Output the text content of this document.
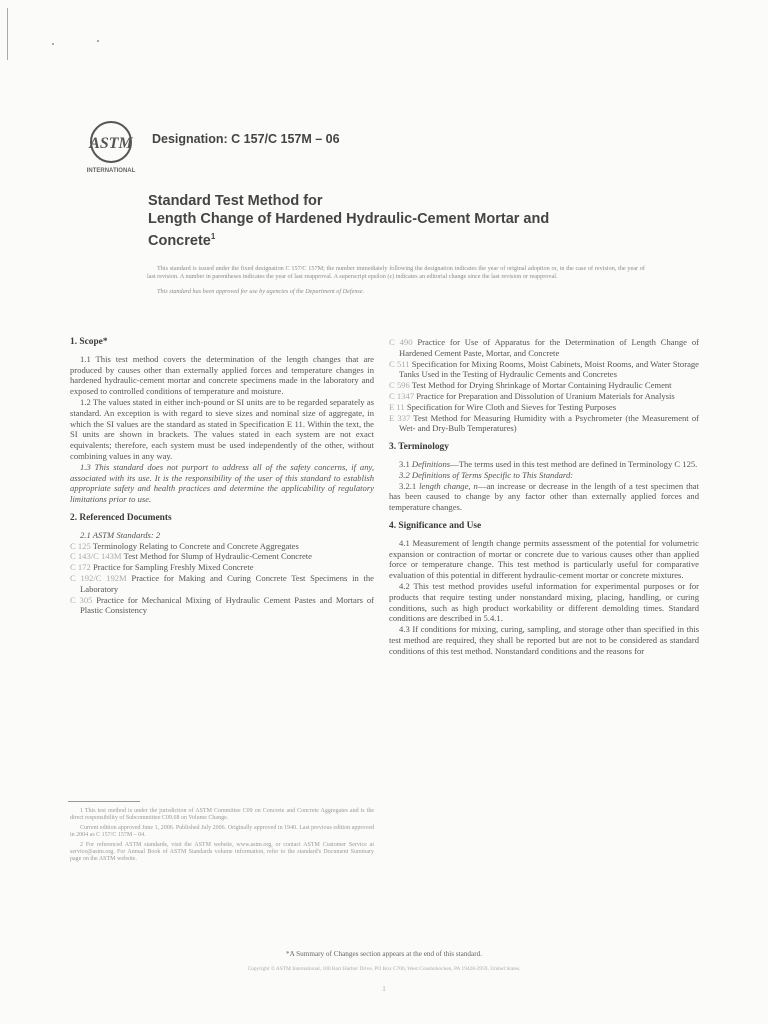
ASTM
INTERNATIONAL
Designation: C 157/C 157M – 06
Standard Test Method for
Length Change of Hardened Hydraulic-Cement Mortar and
Concrete$^1$

This standard is issued under the fixed designation C 157/C 157M; the number immediately following the designation indicates the year of original adoption or, in the case of revision, the year of last revision. A number in parentheses indicates the year of last reapproval. A superscript epsilon (ε) indicates an editorial change since the last revision or reapproval.

This standard has been approved for use by agencies of the Department of Defense.

1. Scope*

1.1 This test method covers the determination of the length changes that are produced by causes other than externally applied forces and temperature changes in hardened hydraulic-cement mortar and concrete specimens made in the laboratory and exposed to controlled conditions of temperature and moisture.

1.2 The values stated in either inch-pound or SI units are to be regarded separately as standard. An exception is with regard to sieve sizes and nominal size of aggregate, in which the SI values are the standard as stated in Specification E 11. Within the text, the SI units are shown in brackets. The values stated in each system are not exact equivalents; therefore, each system must be used independently of the other, without combining values in any way.

1.3 This standard does not purport to address all of the safety concerns, if any, associated with its use. It is the responsibility of the user of this standard to establish appropriate safety and health practices and determine the applicability of regulatory limitations prior to use.

2. Referenced Documents

2.1 ASTM Standards: 2

C 125 Terminology Relating to Concrete and Concrete Aggregates

C 143/C 143M Test Method for Slump of Hydraulic-Cement Concrete

C 172 Practice for Sampling Freshly Mixed Concrete

C 192/C 192M Practice for Making and Curing Concrete Test Specimens in the Laboratory

C 305 Practice for Mechanical Mixing of Hydraulic Cement Pastes and Mortars of Plastic Consistency

1 This test method is under the jurisdiction of ASTM Committee C09 on Concrete and Concrete Aggregates and is the direct responsibility of Subcommittee C09.68 on Volume Change.

Current edition approved June 1, 2006. Published July 2006. Originally approved in 1940. Last previous edition approved in 2004 as C 157/C 157M – 04.

2 For referenced ASTM standards, visit the ASTM website, www.astm.org, or contact ASTM Customer Service at service@astm.org. For Annual Book of ASTM Standards volume information, refer to the standard's Document Summary page on the ASTM website.

C 490 Practice for Use of Apparatus for the Determination of Length Change of Hardened Cement Paste, Mortar, and Concrete

C 511 Specification for Mixing Rooms, Moist Cabinets, Moist Rooms, and Water Storage Tanks Used in the Testing of Hydraulic Cements and Concretes

C 596 Test Method for Drying Shrinkage of Mortar Containing Hydraulic Cement

C 1347 Practice for Preparation and Dissolution of Uranium Materials for Analysis

E 11 Specification for Wire Cloth and Sieves for Testing Purposes

E 337 Test Method for Measuring Humidity with a Psychrometer (the Measurement of Wet- and Dry-Bulb Temperatures)

3. Terminology

3.1 Definitions—The terms used in this test method are defined in Terminology C 125.

3.2 Definitions of Terms Specific to This Standard:

3.2.1 length change, n—an increase or decrease in the length of a test specimen that has been caused to change by any factor other than externally applied forces and temperature changes.

4. Significance and Use

4.1 Measurement of length change permits assessment of the potential for volumetric expansion or contraction of mortar or concrete due to various causes other than applied force or temperature change. This test method is particularly useful for comparative evaluation of this potential in different hydraulic-cement mortar or concrete mixtures.

4.2 This test method provides useful information for experimental purposes or for products that require testing under nonstandard mixing, placing, handling, or curing conditions, such as high product workability or different demolding times. Standard conditions are described in 5.4.1.

4.3 If conditions for mixing, curing, sampling, and storage other than specified in this test method are required, they shall be reported but are not to be considered as standard conditions of this test method. Nonstandard conditions and the reasons for

*A Summary of Changes section appears at the end of this standard.
Copyright © ASTM International, 100 Barr Harbor Drive, PO Box C700, West Conshohocken, PA 19428-2959, United States.
1
